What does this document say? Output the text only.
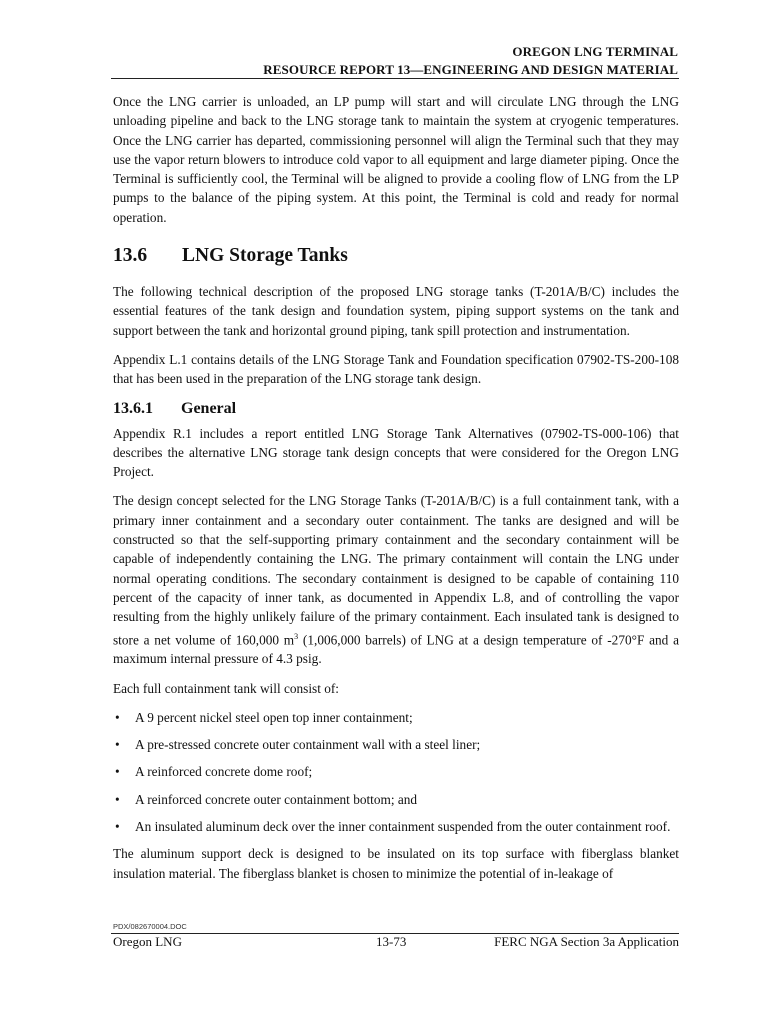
OREGON LNG TERMINAL
RESOURCE REPORT 13—ENGINEERING AND DESIGN MATERIAL

Once the LNG carrier is unloaded, an LP pump will start and will circulate LNG through the LNG unloading pipeline and back to the LNG storage tank to maintain the system at cryogenic temperatures. Once the LNG carrier has departed, commissioning personnel will align the Terminal such that they may use the vapor return blowers to introduce cold vapor to all equipment and large diameter piping. Once the Terminal is sufficiently cool, the Terminal will be aligned to provide a cooling flow of LNG from the LP pumps to the balance of the piping system. At this point, the Terminal is cold and ready for normal operation.

13.6	LNG Storage Tanks

The following technical description of the proposed LNG storage tanks (T-201A/B/C) includes the essential features of the tank design and foundation system, piping support systems on the tank and support between the tank and horizontal ground piping, tank spill protection and instrumentation.

Appendix L.1 contains details of the LNG Storage Tank and Foundation specification 07902-TS-200-108 that has been used in the preparation of the LNG storage tank design.

13.6.1	General

Appendix R.1 includes a report entitled LNG Storage Tank Alternatives (07902-TS-000-106) that describes the alternative LNG storage tank design concepts that were considered for the Oregon LNG Project.

The design concept selected for the LNG Storage Tanks (T-201A/B/C) is a full containment tank, with a primary inner containment and a secondary outer containment. The tanks are designed and will be constructed so that the self-supporting primary containment and the secondary containment will be capable of independently containing the LNG. The primary containment will contain the LNG under normal operating conditions. The secondary containment is designed to be capable of containing 110 percent of the capacity of inner tank, as documented in Appendix L.8, and of controlling the vapor resulting from the highly unlikely failure of the primary containment. Each insulated tank is designed to store a net volume of 160,000 $m^3$ (1,006,000 barrels) of LNG at a design temperature of -270°F and a maximum internal pressure of 4.3 psig.

Each full containment tank will consist of:

• A 9 percent nickel steel open top inner containment;
• A pre-stressed concrete outer containment wall with a steel liner;
• A reinforced concrete dome roof;
• A reinforced concrete outer containment bottom; and
• An insulated aluminum deck over the inner containment suspended from the outer containment roof.

The aluminum support deck is designed to be insulated on its top surface with fiberglass blanket insulation material. The fiberglass blanket is chosen to minimize the potential of in-leakage of

PDX/082670004.DOC
Oregon LNG	13-73	FERC NGA Section 3a Application
